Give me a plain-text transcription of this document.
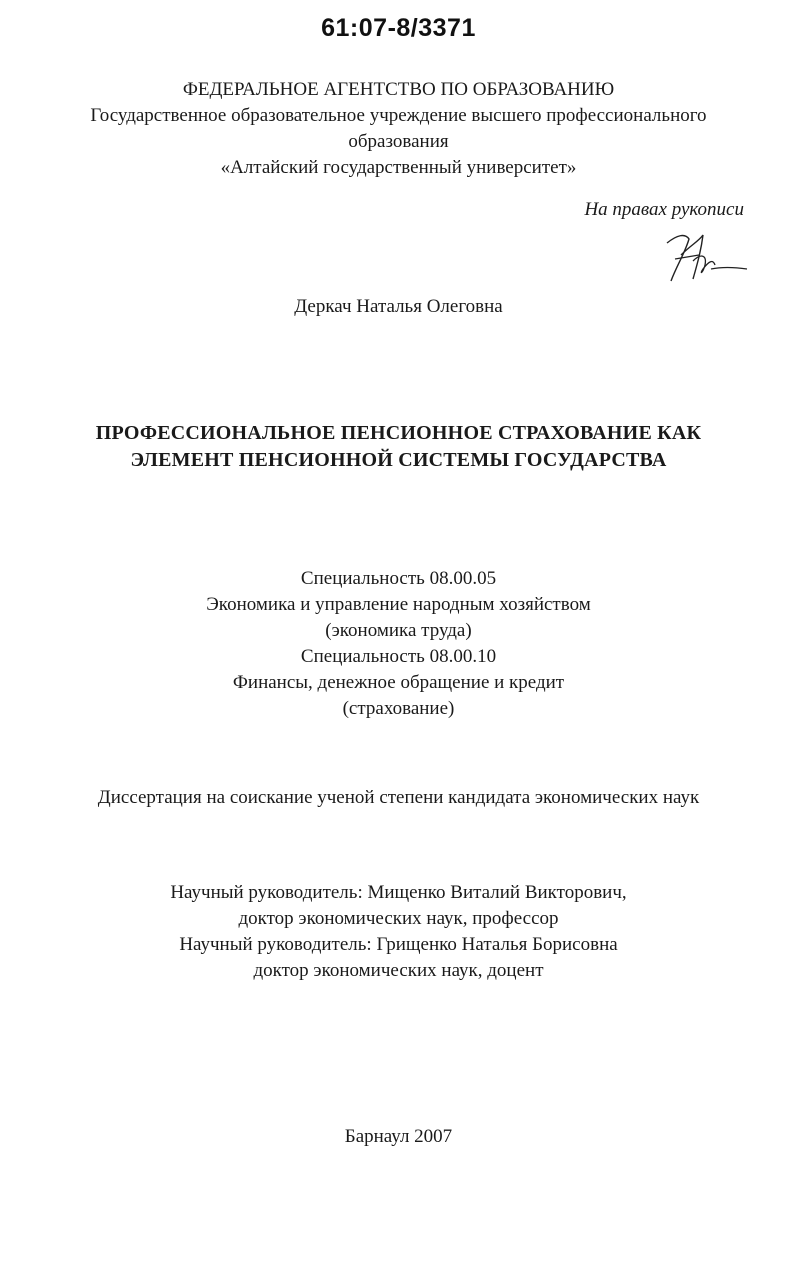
61:07-8/3371
ФЕДЕРАЛЬНОЕ АГЕНТСТВО ПО ОБРАЗОВАНИЮ
Государственное образовательное учреждение высшего профессионального
образования
«Алтайский государственный университет»
На правах рукописи
Деркач Наталья Олеговна
ПРОФЕССИОНАЛЬНОЕ ПЕНСИОННОЕ СТРАХОВАНИЕ КАК
ЭЛЕМЕНТ ПЕНСИОННОЙ СИСТЕМЫ ГОСУДАРСТВА
Специальность 08.00.05
Экономика и управление народным хозяйством
(экономика труда)
Специальность 08.00.10
Финансы, денежное обращение и кредит
(страхование)
Диссертация на соискание ученой степени кандидата экономических наук
Научный руководитель: Мищенко Виталий Викторович,
доктор экономических наук, профессор
Научный руководитель: Грищенко Наталья Борисовна
доктор экономических наук, доцент
Барнаул 2007
